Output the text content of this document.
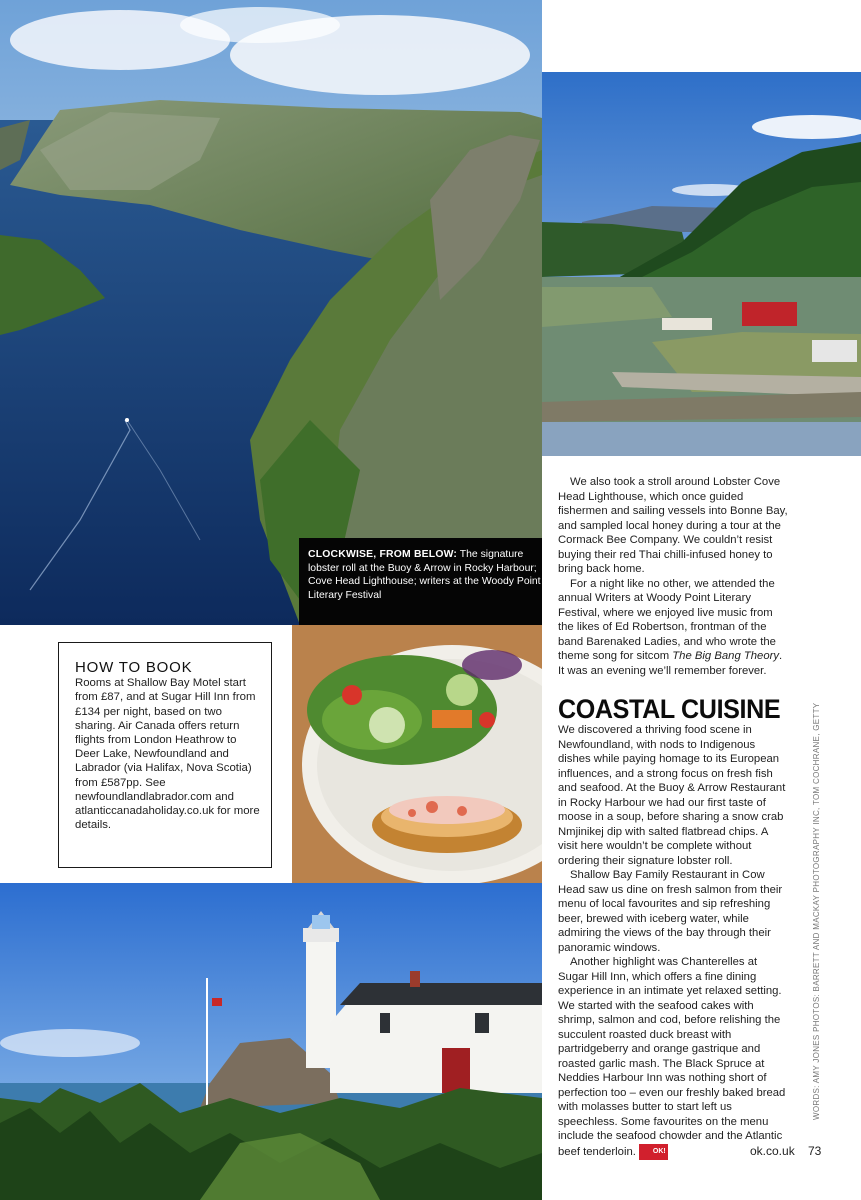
CLOCKWISE, FROM BELOW: The signature lobster roll at the Buoy & Arrow in Rocky Harbour; Cove Head Lighthouse; writers at the Woody Point Literary Festival
HOW TO BOOK
Rooms at Shallow Bay Motel start from £87, and at Sugar Hill Inn from £134 per night, based on two sharing. Air Canada offers return flights from London Heathrow to Deer Lake, Newfoundland and Labrador (via Halifax, Nova Scotia) from £587pp. See newfoundlandlabrador.com and atlanticcanadaholiday.co.uk for more details.

We also took a stroll around Lobster Cove Head Lighthouse, which once guided fishermen and sailing vessels into Bonne Bay, and sampled local honey during a tour at the Cormack Bee Company. We couldn’t resist buying their red Thai chilli-infused honey to bring back home.

For a night like no other, we attended the annual Writers at Woody Point Literary Festival, where we enjoyed live music from the likes of Ed Robertson, frontman of the band Barenaked Ladies, and who wrote the theme song for sitcom The Big Bang Theory. It was an evening we’ll remember forever.

COASTAL CUISINE

We discovered a thriving food scene in Newfoundland, with nods to Indigenous dishes while paying homage to its European influences, and a strong focus on fresh fish and seafood. At the Buoy & Arrow Restaurant in Rocky Harbour we had our first taste of moose in a soup, before sharing a snow crab Nmjinikej dip with salted flatbread chips. A visit here wouldn’t be complete without ordering their signature lobster roll.

Shallow Bay Family Restaurant in Cow Head saw us dine on fresh salmon from their menu of local favourites and sip refreshing beer, brewed with iceberg water, while admiring the views of the bay through their panoramic windows.

Another highlight was Chanterelles at Sugar Hill Inn, which offers a fine dining experience in an intimate yet relaxed setting. We started with the seafood cakes with shrimp, salmon and cod, before relishing the succulent roasted duck breast with partridgeberry and orange gastrique and roasted garlic mash. The Black Spruce at Neddies Harbour Inn was nothing short of perfection too – even our freshly baked bread with molasses butter to start left us speechless. Some favourites on the menu include the seafood chowder and the Atlantic beef tenderloin. OK!

WORDS: AMY JONES PHOTOS: BARRETT AND MACKAY PHOTOGRAPHY INC, TOM COCHRANE, GETTY
ok.co.uk 73
